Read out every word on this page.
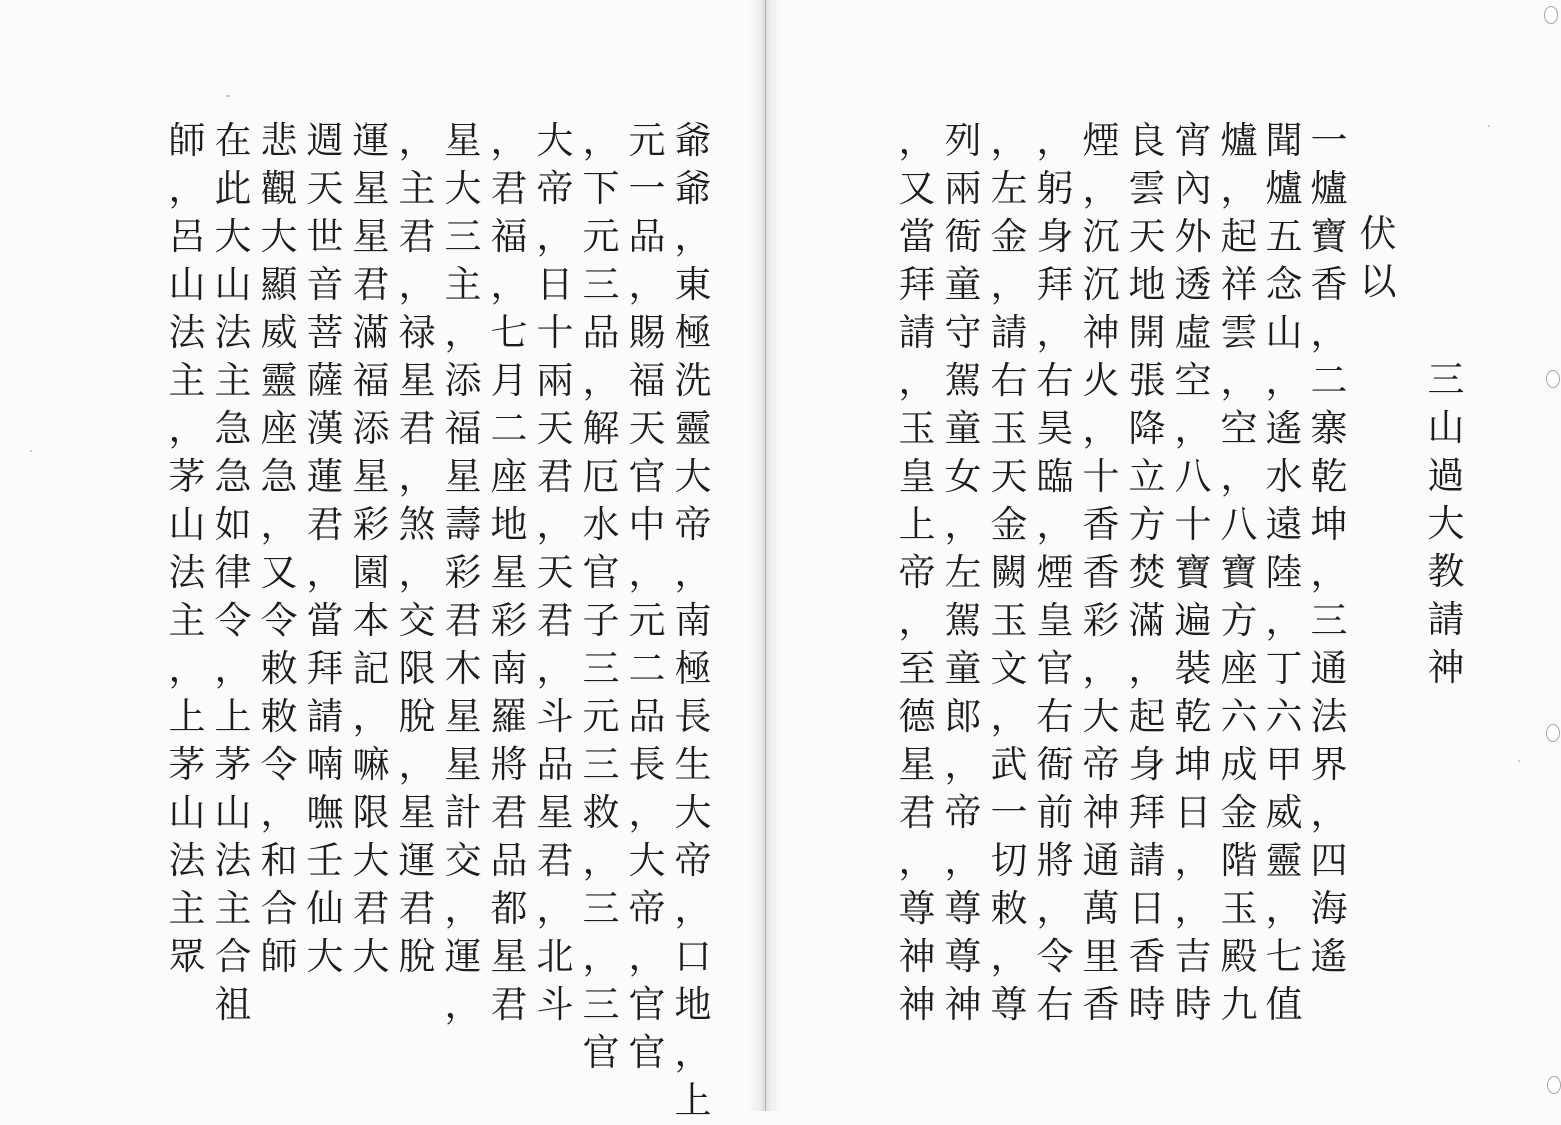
三
山
過
大
教
請
神
伏
以
一
爐
寶
香
，
二
寨
乾
坤
，
三
通
法
界
，
四
海
遙
聞
爐
五
念
山
，
遙
水
遠
陸
，
丁
六
甲
威
靈
，
七
值
爐
，
起
祥
雲
，
空
，
八
寶
方
座
六
成
金
階
玉
殿
九
宵
內
外
透
虛
空
，
八
十
寶
遍
裝
乾
坤
日
，
，
吉
時
良
雲
天
地
開
張
降
立
方
焚
滿
，
起
身
拜
請
日
香
時
煙
，
沉
沉
神
火
，
十
香
香
彩
，
大
帝
神
通
萬
里
香
，
躬
身
拜
，
右
昊
臨
，
煙
皇
官
右
衙
前
將
，
令
右
，
左
金
，
請
右
玉
天
金
闕
玉
文
，
武
一
切
敕
，
尊
列
兩
衙
童
守
駕
童
女
，
左
駕
童
郎
，
帝
，
尊
尊
神
，
又
當
拜
請
，
玉
皇
上
帝
，
至
德
星
君
，
尊
神
神
爺
爺
，
東
極
洗
靈
大
帝
，
南
極
長
生
大
帝
，
口
地
，
上
元
一
品
，
賜
福
天
官
中
，
元
二
品
長
，
大
帝
，
官
官
，
下
元
三
品
，
解
厄
水
官
子
三
元
三
救
，
三
，
三
官
大
帝
，
日
十
兩
天
君
，
天
君
，
斗
品
星
君
，
北
斗
，
君
福
，
七
月
二
座
地
星
彩
南
羅
將
君
品
都
星
君
星
大
三
主
，
添
福
星
壽
彩
君
木
星
星
計
交
，
運
，
，
主
君
，
禄
星
君
，
煞
，
交
限
脫
，
星
運
君
脫
運
星
星
君
滿
福
添
星
彩
園
本
記
，
嘛
限
大
君
大
週
天
世
音
菩
薩
漢
蓮
君
，
當
拜
請
喃
嘸
壬
仙
大
悲
觀
大
顯
威
靈
座
急
，
又
令
敕
敕
令
，
和
合
師
在
此
大
山
法
主
急
急
如
律
令
，
上
茅
山
法
主
合
祖
師
，
呂
山
法
主
，
茅
山
法
主
，
上
茅
山
法
主
眾
